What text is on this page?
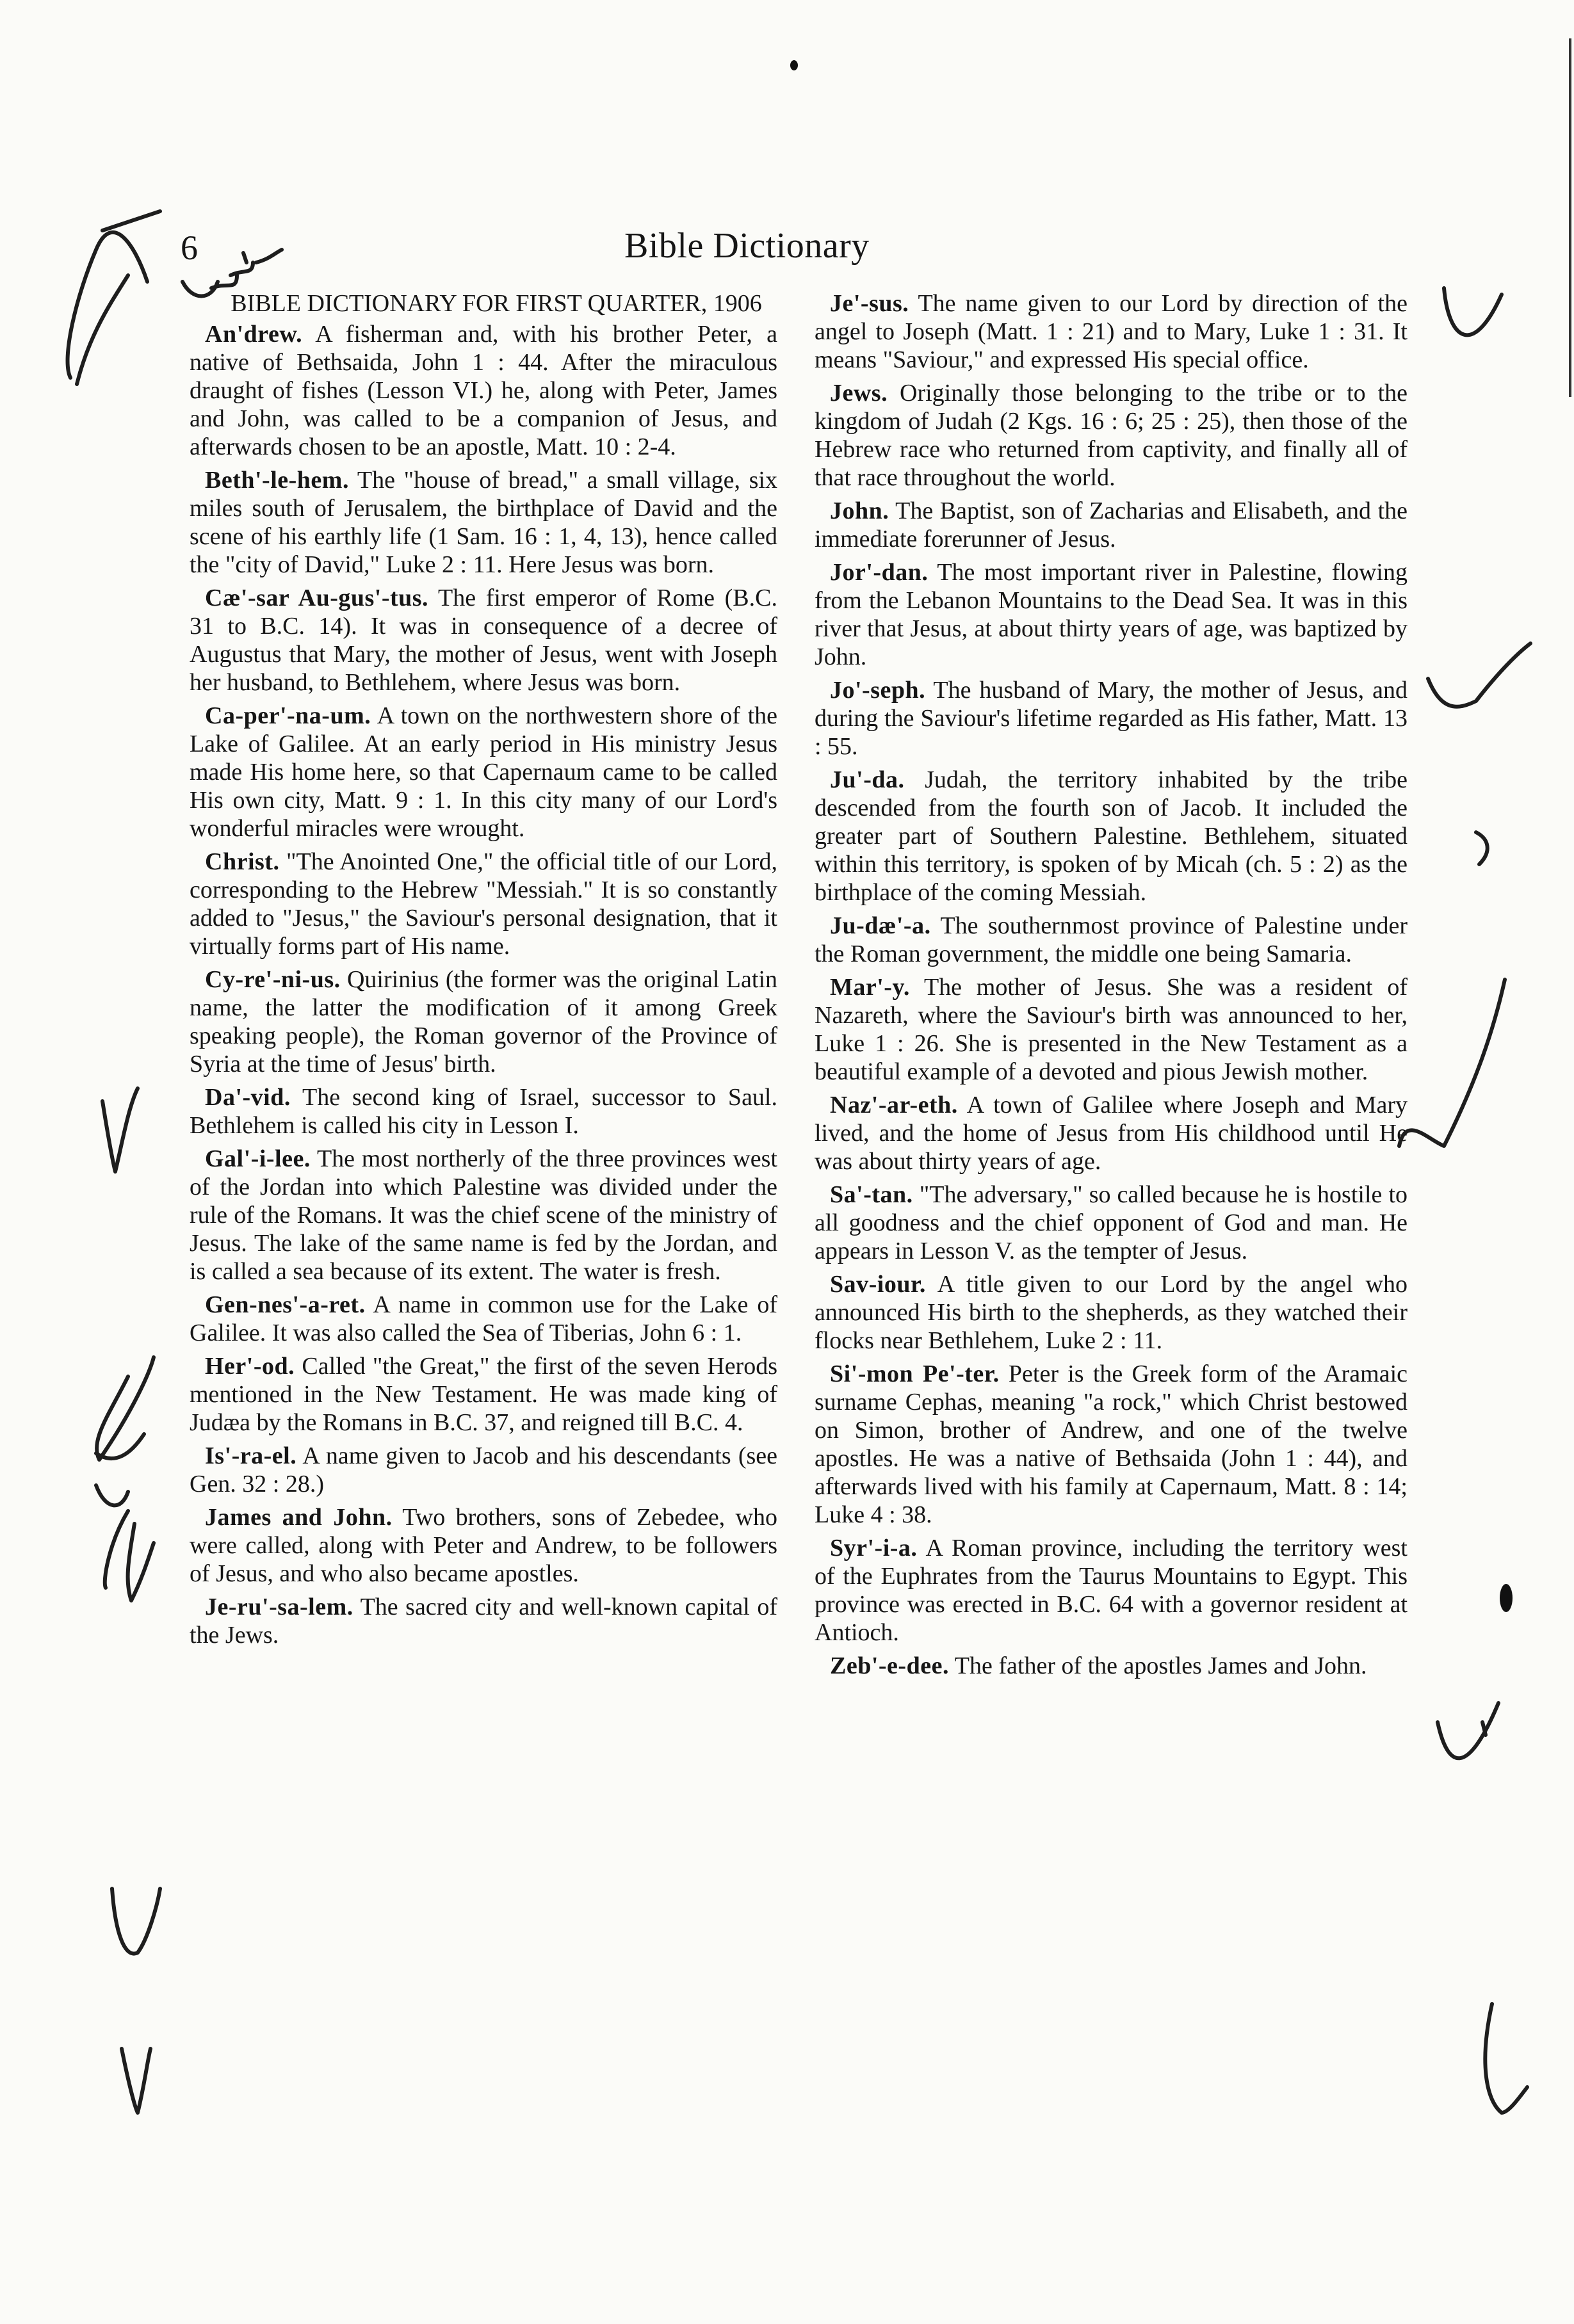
6	Bible Dictionary
BIBLE DICTIONARY FOR FIRST QUARTER, 1906

An'drew. A fisherman and, with his brother Peter, a native of Bethsaida, John 1 : 44. After the miraculous draught of fishes (Lesson VI.) he, along with Peter, James and John, was called to be a companion of Jesus, and afterwards chosen to be an apostle, Matt. 10 : 2-4.

Beth'-le-hem. The "house of bread," a small village, six miles south of Jerusalem, the birthplace of David and the scene of his earthly life (1 Sam. 16 : 1, 4, 13), hence called the "city of David," Luke 2 : 11. Here Jesus was born.

Cæ'-sar Au-gus'-tus. The first emperor of Rome (B.C. 31 to B.C. 14). It was in consequence of a decree of Augustus that Mary, the mother of Jesus, went with Joseph her husband, to Bethlehem, where Jesus was born.

Ca-per'-na-um. A town on the northwestern shore of the Lake of Galilee. At an early period in His ministry Jesus made His home here, so that Capernaum came to be called His own city, Matt. 9 : 1. In this city many of our Lord's wonderful miracles were wrought.

Christ. "The Anointed One," the official title of our Lord, corresponding to the Hebrew "Messiah." It is so constantly added to "Jesus," the Saviour's personal designation, that it virtually forms part of His name.

Cy-re'-ni-us. Quirinius (the former was the original Latin name, the latter the modification of it among Greek speaking people), the Roman governor of the Province of Syria at the time of Jesus' birth.

Da'-vid. The second king of Israel, successor to Saul. Bethlehem is called his city in Lesson I.

Gal'-i-lee. The most northerly of the three provinces west of the Jordan into which Palestine was divided under the rule of the Romans. It was the chief scene of the ministry of Jesus. The lake of the same name is fed by the Jordan, and is called a sea because of its extent. The water is fresh.

Gen-nes'-a-ret. A name in common use for the Lake of Galilee. It was also called the Sea of Tiberias, John 6 : 1.

Her'-od. Called "the Great," the first of the seven Herods mentioned in the New Testament. He was made king of Judæa by the Romans in B.C. 37, and reigned till B.C. 4.

Is'-ra-el. A name given to Jacob and his descendants (see Gen. 32 : 28.)

James and John. Two brothers, sons of Zebedee, who were called, along with Peter and Andrew, to be followers of Jesus, and who also became apostles.

Je-ru'-sa-lem. The sacred city and well-known capital of the Jews.

Je'-sus. The name given to our Lord by direction of the angel to Joseph (Matt. 1 : 21) and to Mary, Luke 1 : 31. It means "Saviour," and expressed His special office.

Jews. Originally those belonging to the tribe or to the kingdom of Judah (2 Kgs. 16 : 6; 25 : 25), then those of the Hebrew race who returned from captivity, and finally all of that race throughout the world.

John. The Baptist, son of Zacharias and Elisabeth, and the immediate forerunner of Jesus.

Jor'-dan. The most important river in Palestine, flowing from the Lebanon Mountains to the Dead Sea. It was in this river that Jesus, at about thirty years of age, was baptized by John.

Jo'-seph. The husband of Mary, the mother of Jesus, and during the Saviour's lifetime regarded as His father, Matt. 13 : 55.

Ju'-da. Judah, the territory inhabited by the tribe descended from the fourth son of Jacob. It included the greater part of Southern Palestine. Bethlehem, situated within this territory, is spoken of by Micah (ch. 5 : 2) as the birthplace of the coming Messiah.

Ju-dæ'-a. The southernmost province of Palestine under the Roman government, the middle one being Samaria.

Mar'-y. The mother of Jesus. She was a resident of Nazareth, where the Saviour's birth was announced to her, Luke 1 : 26. She is presented in the New Testament as a beautiful example of a devoted and pious Jewish mother.

Naz'-ar-eth. A town of Galilee where Joseph and Mary lived, and the home of Jesus from His childhood until He was about thirty years of age.

Sa'-tan. "The adversary," so called because he is hostile to all goodness and the chief opponent of God and man. He appears in Lesson V. as the tempter of Jesus.

Sav-iour. A title given to our Lord by the angel who announced His birth to the shepherds, as they watched their flocks near Bethlehem, Luke 2 : 11.

Si'-mon Pe'-ter. Peter is the Greek form of the Aramaic surname Cephas, meaning "a rock," which Christ bestowed on Simon, brother of Andrew, and one of the twelve apostles. He was a native of Bethsaida (John 1 : 44), and afterwards lived with his family at Capernaum, Matt. 8 : 14; Luke 4 : 38.

Syr'-i-a. A Roman province, including the territory west of the Euphrates from the Taurus Mountains to Egypt. This province was erected in B.C. 64 with a governor resident at Antioch.

Zeb'-e-dee. The father of the apostles James and John.
